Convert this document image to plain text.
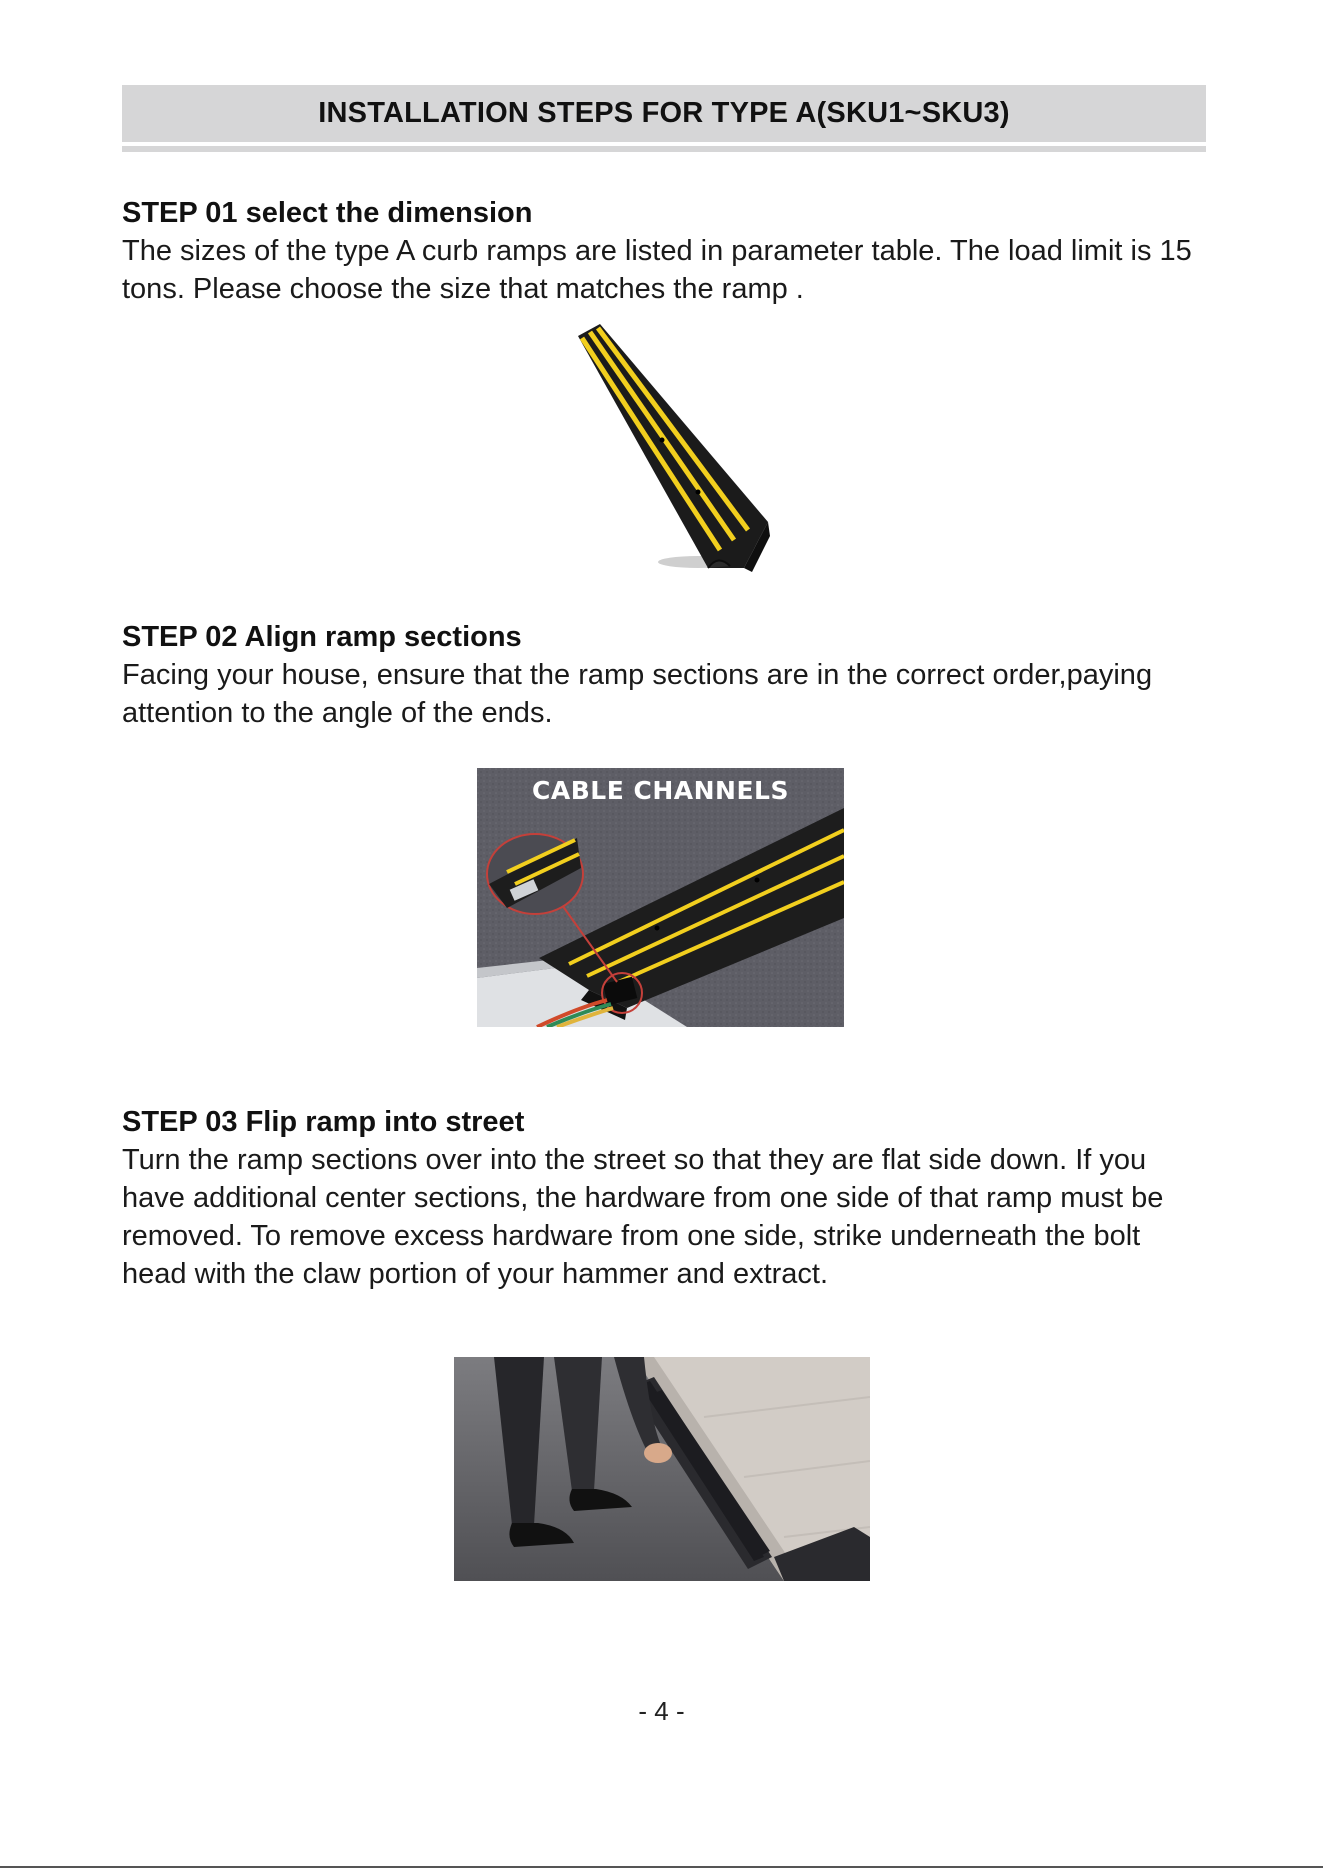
INSTALLATION STEPS FOR TYPE A(SKU1~SKU3)
STEP 01 select the dimension

The sizes of the type A curb ramps are listed in parameter table. The load limit is 15 tons. Please choose the size that matches the ramp .

STEP 02 Align ramp sections

Facing your house, ensure that the ramp sections are in the correct order,paying attention to the angle of the ends.

CABLE CHANNELS
STEP 03 Flip ramp into street

Turn the ramp sections over into the street so that they are flat side down. If you have additional center sections, the hardware from one side of that ramp must be removed. To remove excess hardware from one side, strike underneath the bolt head with the claw portion of your hammer and extract.

- 4 -
